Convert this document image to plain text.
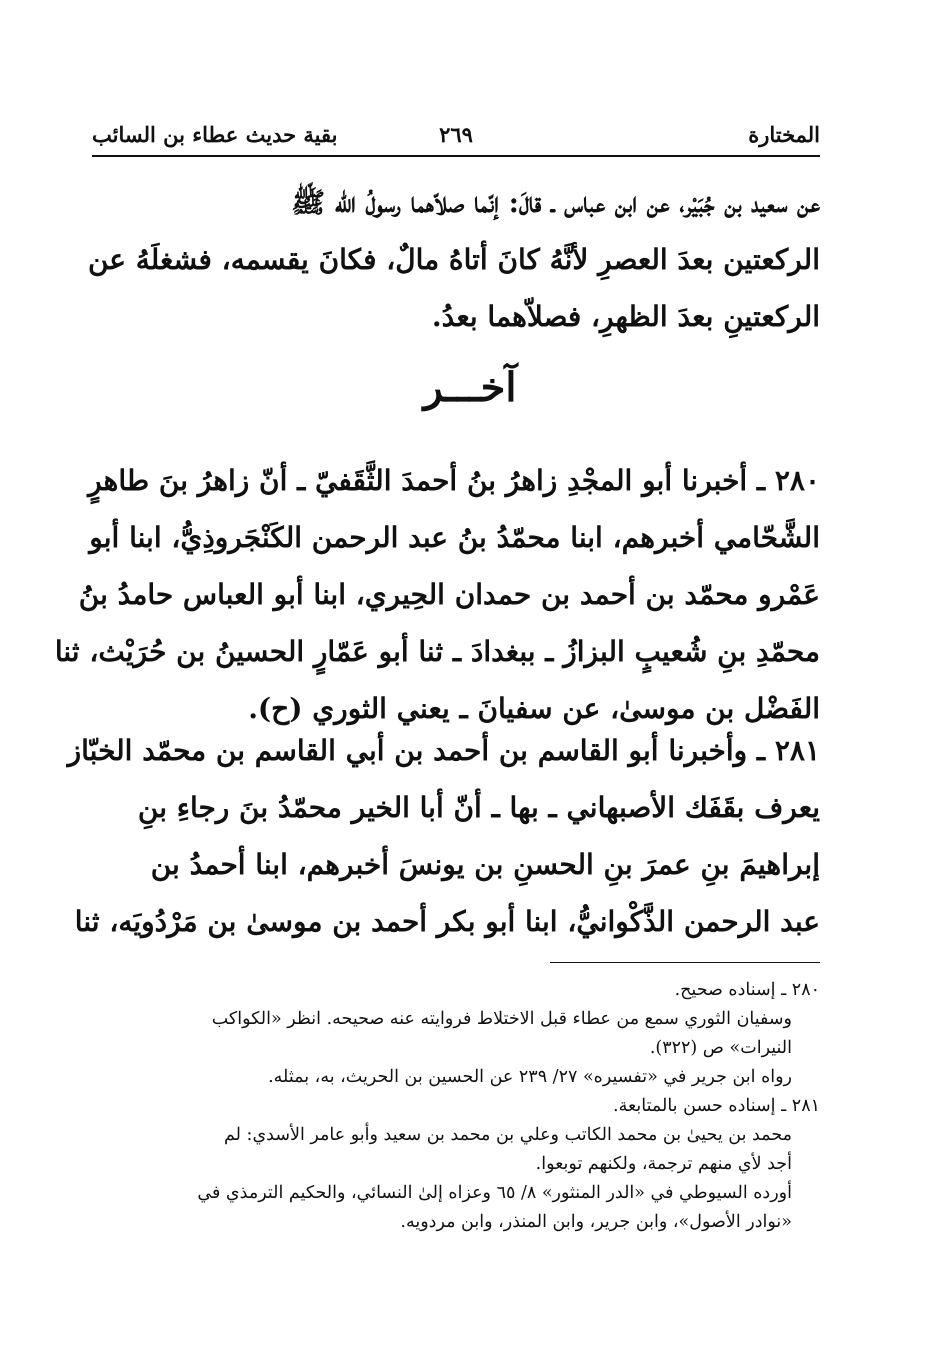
المختارة
٢٦٩
بقية حديث عطاء بن السائب
عن سعيد بن جُبَيْر، عن ابن عباس ـ قالَ: إنّما صلاّهما رسولُ اللّه ﷺ
الركعتين بعدَ العصرِ لأنَّهُ كانَ أتاهُ مالٌ، فكانَ يقسمه، فشغلَهُ عن
الركعتينِ بعدَ الظهرِ، فصلاّهما بعدُ.
آخـــر
٢٨٠ ـ أخبرنا أبو المجْدِ زاهرُ بنُ أحمدَ الثَّقَفيّ ـ أنّ زاهرُ بنَ طاهرٍ
الشَّحّامي أخبرهم، ابنا محمّدُ بنُ عبد الرحمن الكَنْجَروذِيُّ، ابنا أبو
عَمْرو محمّد بن أحمد بن حمدان الحِيري، ابنا أبو العباس حامدُ بنُ
محمّدِ بنِ شُعيبٍ البزازُ ـ ببغدادَ ـ ثنا أبو عَمّارٍ الحسينُ بن حُرَيْث، ثنا
الفَضْل بن موسىٰ، عن سفيانَ ـ يعني الثوري (ح).
٢٨١ ـ وأخبرنا أبو القاسم بن أحمد بن أبي القاسم بن محمّد الخبّاز
يعرف بقَفَك الأصبهاني ـ بها ـ أنّ أبا الخير محمّدُ بنَ رجاءِ بنِ
إبراهيمَ بنِ عمرَ بنِ الحسنِ بن يونسَ أخبرهم، ابنا أحمدُ بن
عبد الرحمن الذَّكْوانيُّ، ابنا أبو بكر أحمد بن موسىٰ بن مَرْدُويَه، ثنا
٢٨٠ ـ إسناده صحيح.
وسفيان الثوري سمع من عطاء قبل الاختلاط فروايته عنه صحيحه. انظر «الكواكب
النيرات» ص (٣٢٢).
رواه ابن جرير في «تفسيره» ٢٧/ ٢٣٩ عن الحسين بن الحريث، به، بمثله.
٢٨١ ـ إسناده حسن بالمتابعة.
محمد بن يحيىٰ بن محمد الكاتب وعلي بن محمد بن سعيد وأبو عامر الأسدي: لم
أجد لأي منهم ترجمة، ولكنهم توبعوا.
أورده السيوطي في «الدر المنثور» ٨/ ٦٥ وعزاه إلىٰ النسائي، والحكيم الترمذي في
«نوادر الأصول»، وابن جرير، وابن المنذر، وابن مردويه.
